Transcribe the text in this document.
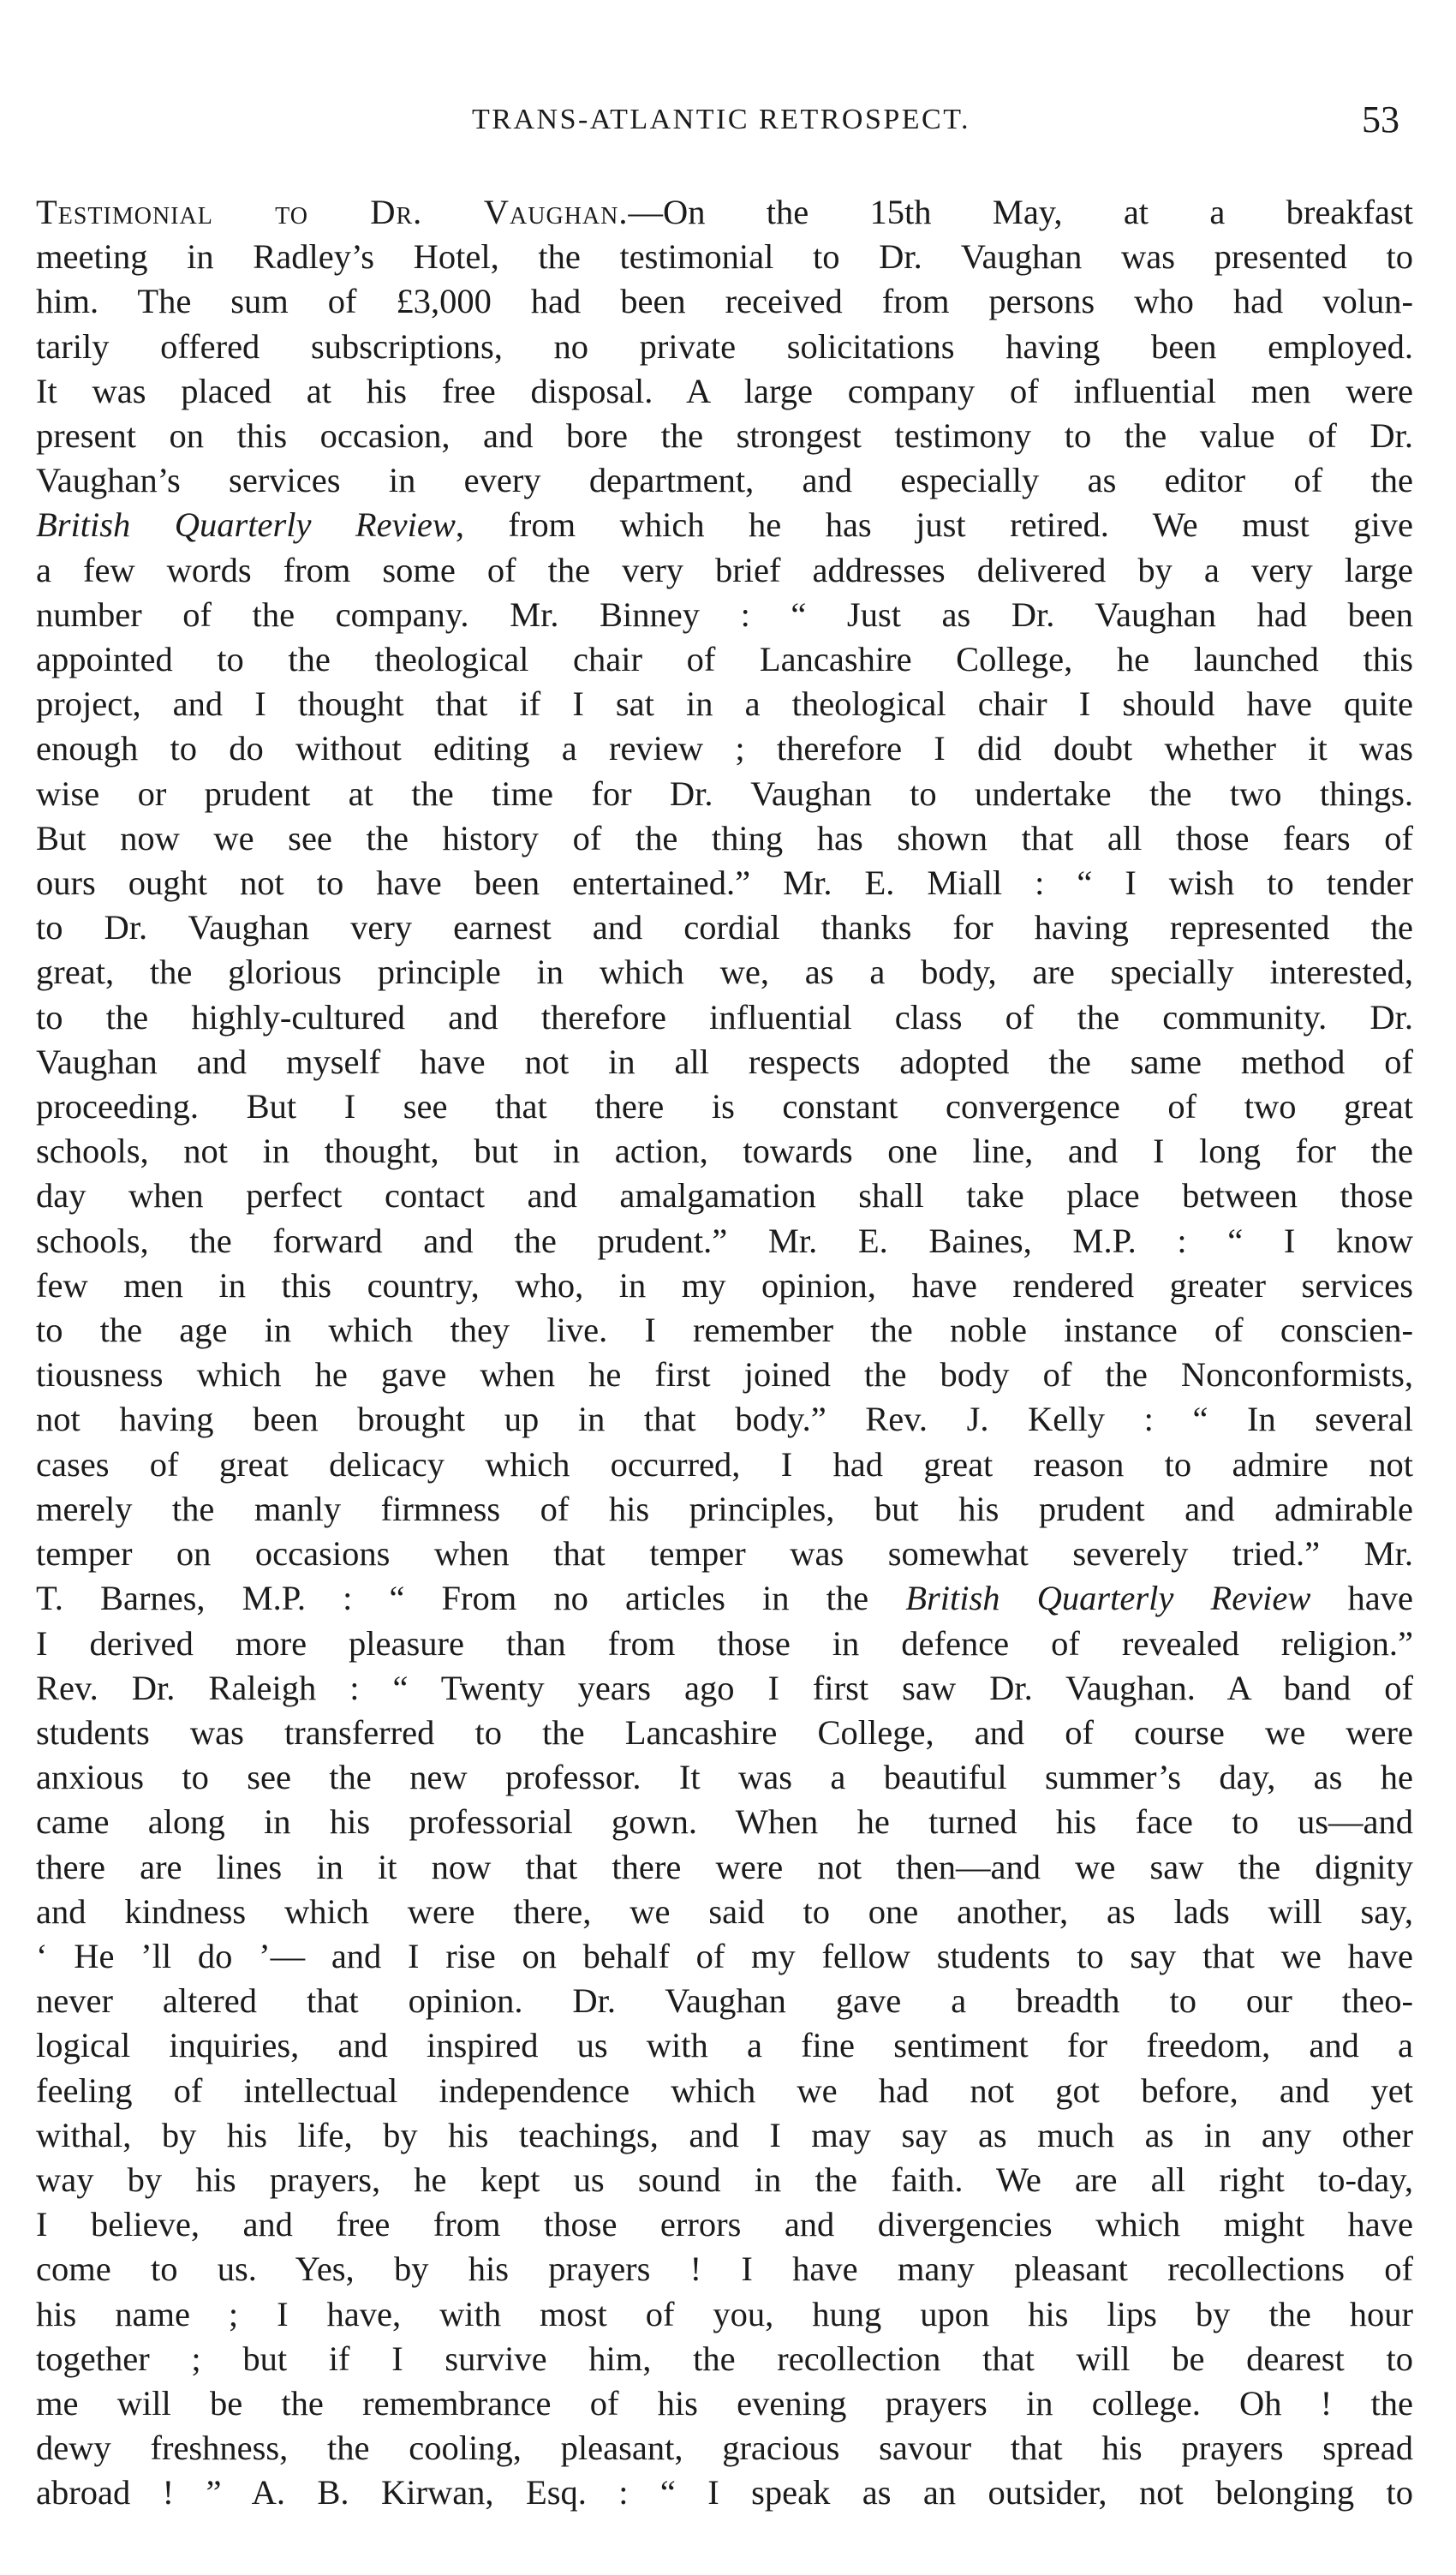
TRANS-ATLANTIC RETROSPECT.	53

Testimonial to Dr. Vaughan.—On the 15th May, at a breakfast
meeting in Radley’s Hotel, the testimonial to Dr. Vaughan was presented to
him. The sum of £3,000 had been received from persons who had volun-
tarily offered subscriptions, no private solicitations having been employed.
It was placed at his free disposal. A large company of influential men were
present on this occasion, and bore the strongest testimony to the value of Dr.
Vaughan’s services in every department, and especially as editor of the
British Quarterly Review, from which he has just retired. We must give
a few words from some of the very brief addresses delivered by a very large
number of the company. Mr. Binney : “ Just as Dr. Vaughan had been
appointed to the theological chair of Lancashire College, he launched this
project, and I thought that if I sat in a theological chair I should have quite
enough to do without editing a review ; therefore I did doubt whether it was
wise or prudent at the time for Dr. Vaughan to undertake the two things.
But now we see the history of the thing has shown that all those fears of
ours ought not to have been entertained.” Mr. E. Miall : “ I wish to tender
to Dr. Vaughan very earnest and cordial thanks for having represented the
great, the glorious principle in which we, as a body, are specially interested,
to the highly-cultured and therefore influential class of the community. Dr.
Vaughan and myself have not in all respects adopted the same method of
proceeding. But I see that there is constant convergence of two great
schools, not in thought, but in action, towards one line, and I long for the
day when perfect contact and amalgamation shall take place between those
schools, the forward and the prudent.” Mr. E. Baines, M.P. : “ I know
few men in this country, who, in my opinion, have rendered greater services
to the age in which they live. I remember the noble instance of conscien-
tiousness which he gave when he first joined the body of the Nonconformists,
not having been brought up in that body.” Rev. J. Kelly : “ In several
cases of great delicacy which occurred, I had great reason to admire not
merely the manly firmness of his principles, but his prudent and admirable
temper on occasions when that temper was somewhat severely tried.” Mr.
T. Barnes, M.P. : “ From no articles in the British Quarterly Review have
I derived more pleasure than from those in defence of revealed religion.”
Rev. Dr. Raleigh : “ Twenty years ago I first saw Dr. Vaughan. A band of
students was transferred to the Lancashire College, and of course we were
anxious to see the new professor. It was a beautiful summer’s day, as he
came along in his professorial gown. When he turned his face to us—and
there are lines in it now that there were not then—and we saw the dignity
and kindness which were there, we said to one another, as lads will say,
‘ He ’ll do ’— and I rise on behalf of my fellow students to say that we have
never altered that opinion. Dr. Vaughan gave a breadth to our theo-
logical inquiries, and inspired us with a fine sentiment for freedom, and a
feeling of intellectual independence which we had not got before, and yet
withal, by his life, by his teachings, and I may say as much as in any other
way by his prayers, he kept us sound in the faith. We are all right to-day,
I believe, and free from those errors and divergencies which might have
come to us. Yes, by his prayers ! I have many pleasant recollections of
his name ; I have, with most of you, hung upon his lips by the hour
together ; but if I survive him, the recollection that will be dearest to
me will be the remembrance of his evening prayers in college. Oh ! the
dewy freshness, the cooling, pleasant, gracious savour that his prayers spread
abroad ! ” A. B. Kirwan, Esq. : “ I speak as an outsider, not belonging to
